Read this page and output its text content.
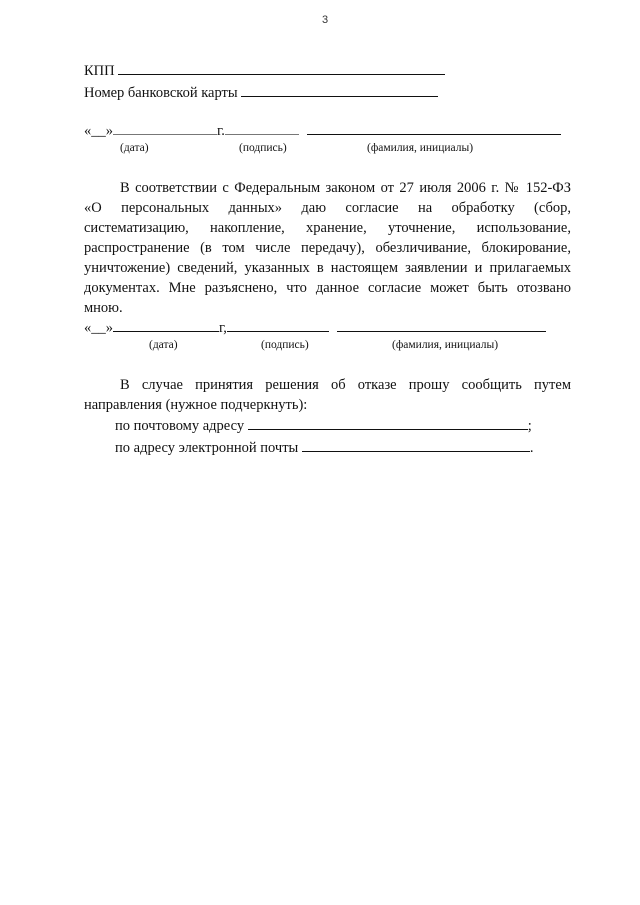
3
КПП
Номер банковской карты
«__»	г.
(дата)	(подпись)	(фамилия, инициалы)
В соответствии с Федеральным законом от 27 июля 2006 г. № 152-ФЗ
«О персональных данных» даю согласие на обработку (сбор,
систематизацию, накопление, хранение, уточнение, использование,
распространение (в том числе передачу), обезличивание, блокирование,
уничтожение) сведений, указанных в настоящем заявлении и прилагаемых
документах. Мне разъяснено, что данное согласие может быть отозвано
мною.
«__»	г,
(дата)	(подпись)	(фамилия, инициалы)
В случае принятия решения об отказе прошу сообщить путем
направления (нужное подчеркнуть):
по почтовому адресу	;
по адресу электронной почты	.
